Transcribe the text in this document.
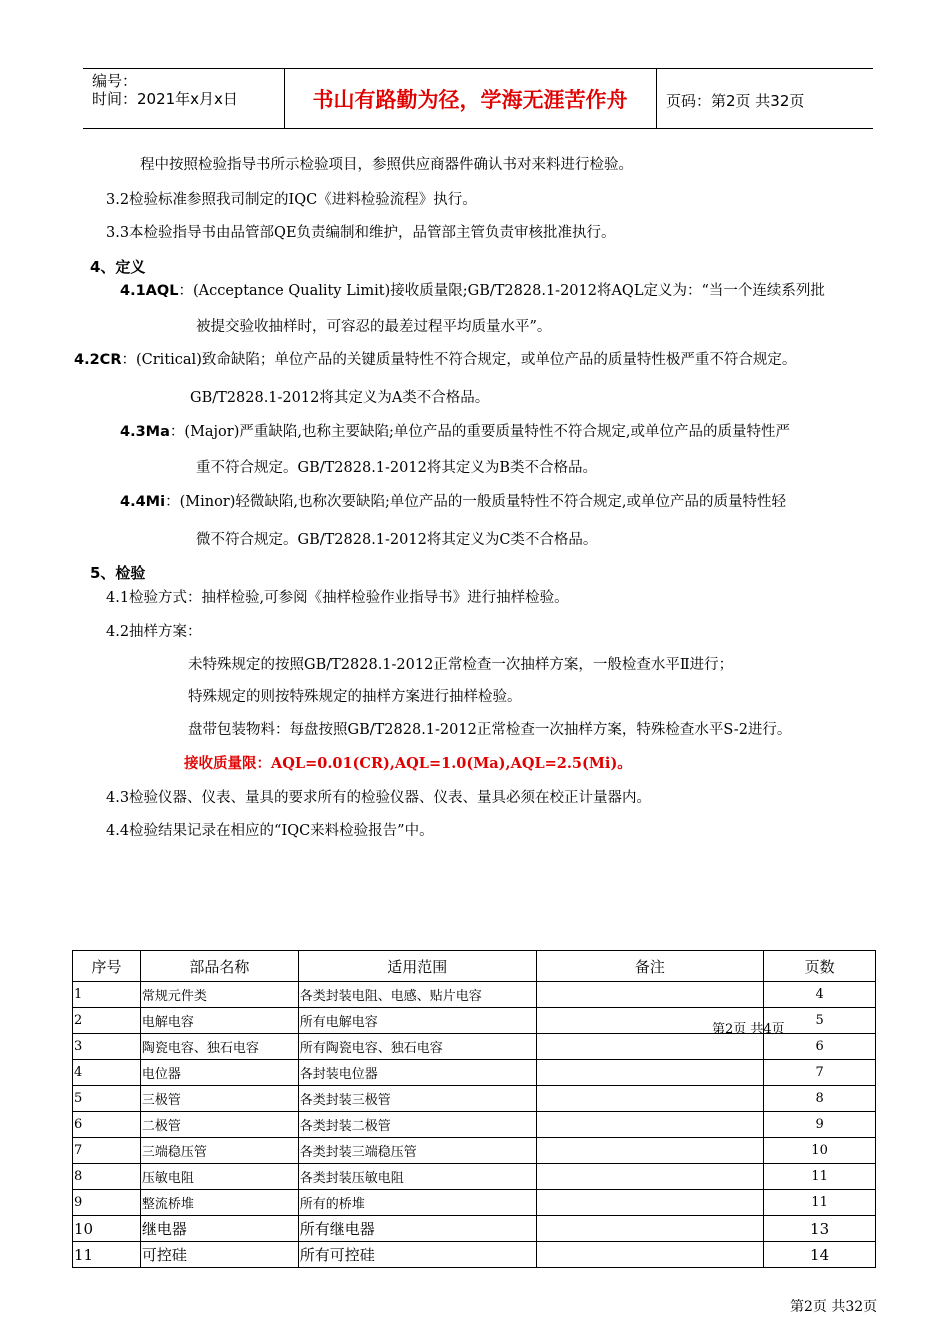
编号：
时间：2021年x月x日	书山有路勤为径，学海无涯苦作舟	页码：第2页 共32页
程中按照检验指导书所示检验项目，参照供应商器件确认书对来料进行检验。
3.2检验标准参照我司制定的IQC《进料检验流程》执行。
3.3本检验指导书由品管部QE负责编制和维护，品管部主管负责审核批准执行。
4、定义
4.1AQL：(Acceptance Quality Limit)接收质量限;GB/T2828.1-2012将AQL定义为：“当一个连续系列批
被提交验收抽样时，可容忍的最差过程平均质量水平”。
4.2CR：(Critical)致命缺陷；单位产品的关键质量特性不符合规定，或单位产品的质量特性极严重不符合规定。
GB/T2828.1-2012将其定义为A类不合格品。
4.3Ma：(Major)严重缺陷,也称主要缺陷;单位产品的重要质量特性不符合规定,或单位产品的质量特性严
重不符合规定。GB/T2828.1-2012将其定义为B类不合格品。
4.4Mi：(Minor)轻微缺陷,也称次要缺陷;单位产品的一般质量特性不符合规定,或单位产品的质量特性轻
微不符合规定。GB/T2828.1-2012将其定义为C类不合格品。
5、检验
4.1检验方式：抽样检验,可参阅《抽样检验作业指导书》进行抽样检验。
4.2抽样方案：
未特殊规定的按照GB/T2828.1-2012正常检查一次抽样方案，一般检查水平Ⅱ进行；
特殊规定的则按特殊规定的抽样方案进行抽样检验。
盘带包装物料：每盘按照GB/T2828.1-2012正常检查一次抽样方案，特殊检查水平S-2进行。
接收质量限：AQL=0.01(CR),AQL=1.0(Ma),AQL=2.5(Mi)。
4.3检验仪器、仪表、量具的要求所有的检验仪器、仪表、量具必须在校正计量器内。
4.4检验结果记录在相应的“IQC来料检验报告”中。
序号	部品名称	适用范围	备注	页数
1	常规元件类	各类封装电阻、电感、贴片电容		4
2	电解电容	所有电解电容		5
3	陶瓷电容、独石电容	所有陶瓷电容、独石电容		6
4	电位器	各封装电位器		7
5	三极管	各类封装三极管		8
6	二极管	各类封装二极管		9
7	三端稳压管	各类封装三端稳压管		10
8	压敏电阻	各类封装压敏电阻		11
9	整流桥堆	所有的桥堆		11
10	继电器	所有继电器		13
11	可控硅	所有可控硅		14
第2页 共4页
第2页 共32页
